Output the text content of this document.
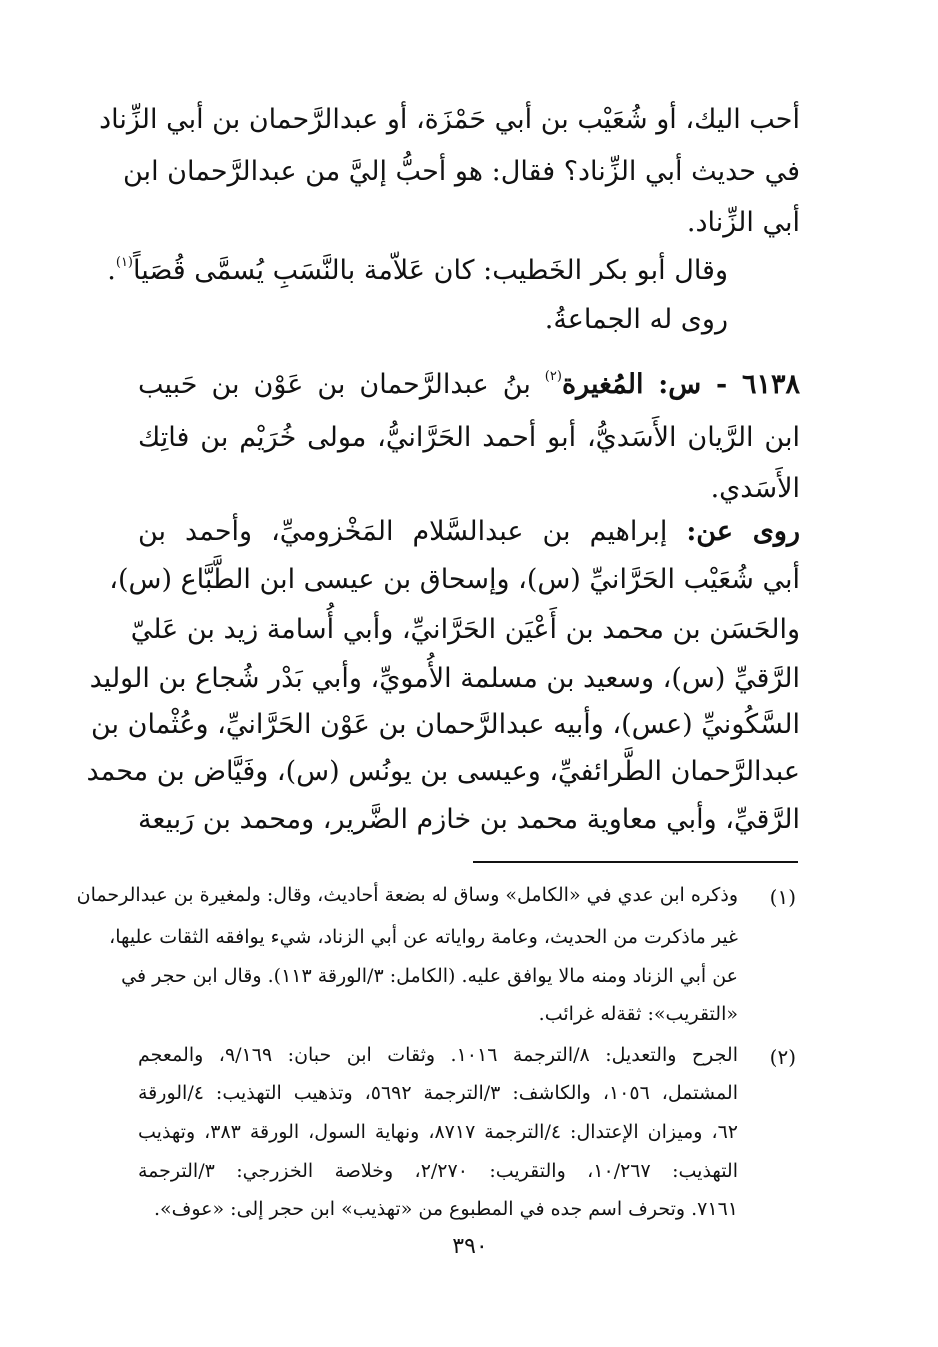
أحب اليك، أو شُعَيْب بن أبي حَمْزَة، أو عبدالرَّحمان بن أبي الزِّناد
في حديث أبي الزِّناد؟ فقال: هو أحبُّ إليَّ من عبدالرَّحمان ابن
أبي الزِّناد.
وقال أبو بكر الخَطيب: كان عَلاّمة بالنَّسَبِ يُسمَّى قُصَياً$^{(١)}$.
روى له الجماعةُ.
٦١٣٨ - س: المُغيرة$^{(٢)}$ بنُ عبدالرَّحمان بن عَوْن بن حَبيب
ابن الرَّيان الأَسَديُّ، أبو أحمد الحَرَّانيُّ، مولى خُرَيْم بن فاتِك
الأَسَدي.
روى عن: إبراهيم بن عبدالسَّلام المَخْزوميِّ، وأحمد بن
أبي شُعَيْب الحَرَّانيِّ (س)، وإسحاق بن عيسى ابن الطَّبَّاع (س)،
والحَسَن بن محمد بن أَعْيَن الحَرَّانيِّ، وأبي أُسامة زيد بن عَليّ
الرَّقيِّ (س)، وسعيد بن مسلمة الأُمويِّ، وأبي بَدْر شُجاع بن الوليد
السَّكُونيِّ (عس)، وأبيه عبدالرَّحمان بن عَوْن الحَرَّانيِّ، وعُثْمان بن
عبدالرَّحمان الطَّرائفيِّ، وعيسى بن يونُس (س)، وفَيَّاض بن محمد
الرَّقيِّ، وأبي معاوية محمد بن خازم الضَّرير، ومحمد بن رَبيعة
(١)
وذكره ابن عدي في «الكامل» وساق له بضعة أحاديث، وقال: ولمغيرة بن عبدالرحمان
غير ماذكرت من الحديث، وعامة رواياته عن أبي الزناد، شيء يوافقه الثقات عليها،
عن أبي الزناد ومنه مالا يوافق عليه. (الكامل: ٣/الورقة ١١٣). وقال ابن حجر في
«التقريب»: ثقةله غرائب.
(٢)
الجرح والتعديل: ٨/الترجمة ١٠١٦. وثقات ابن حبان: ٩/١٦٩، والمعجم
المشتمل، ١٠٥٦، والكاشف: ٣/الترجمة ٥٦٩٢، وتذهيب التهذيب: ٤/الورقة
٦٢، وميزان الإعتدال: ٤/الترجمة ٨٧١٧، ونهاية السول، الورقة ٣٨٣، وتهذيب
التهذيب: ١٠/٢٦٧، والتقريب: ٢/٢٧٠، وخلاصة الخزرجي: ٣/الترجمة
٧١٦١. وتحرف اسم جده في المطبوع من «تهذيب» ابن حجر إلى: «عوف».
٣٩٠
